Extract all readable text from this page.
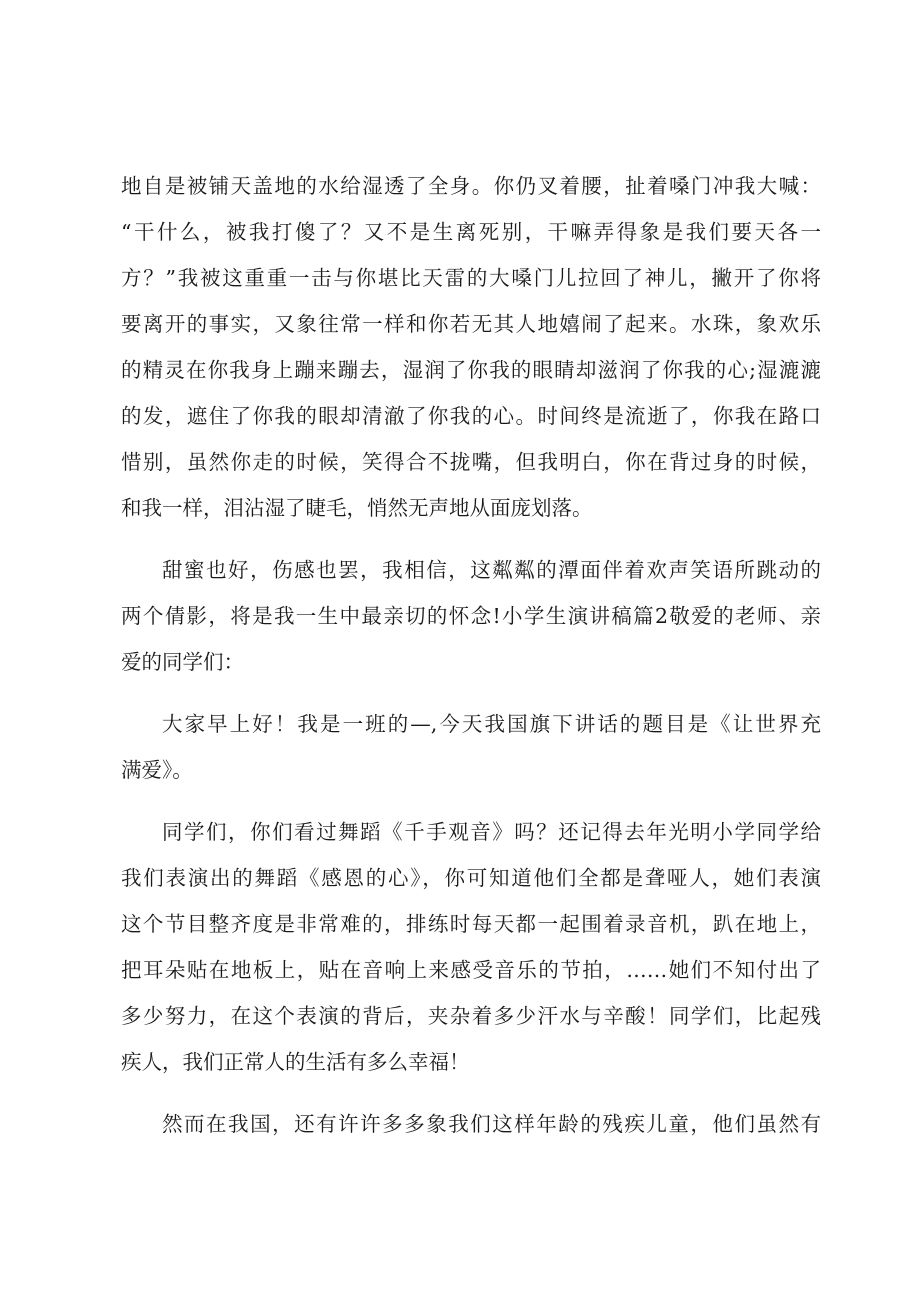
地自是被铺天盖地的水给湿透了全身。你仍叉着腰，扯着嗓门冲我大喊：
“干什么，被我打傻了？又不是生离死别，干嘛弄得象是我们要天各一
方？”我被这重重一击与你堪比天雷的大嗓门儿拉回了神儿，撇开了你将
要离开的事实，又象往常一样和你若无其人地嬉闹了起来。水珠，象欢乐
的精灵在你我身上蹦来蹦去，湿润了你我的眼睛却滋润了你我的心;湿漉漉
的发，遮住了你我的眼却清澈了你我的心。时间终是流逝了，你我在路口
惜别，虽然你走的时候，笑得合不拢嘴，但我明白，你在背过身的时候，
和我一样，泪沾湿了睫毛，悄然无声地从面庞划落。
甜蜜也好，伤感也罢，我相信，这粼粼的潭面伴着欢声笑语所跳动的
两个倩影，将是我一生中最亲切的怀念!小学生演讲稿篇2敬爱的老师、亲
爱的同学们：
大家早上好！我是一班的—,今天我国旗下讲话的题目是《让世界充
满爱》。
同学们，你们看过舞蹈《千手观音》吗？还记得去年光明小学同学给
我们表演出的舞蹈《感恩的心》，你可知道他们全都是聋哑人，她们表演
这个节目整齐度是非常难的，排练时每天都一起围着录音机，趴在地上，
把耳朵贴在地板上，贴在音响上来感受音乐的节拍，……她们不知付出了
多少努力，在这个表演的背后，夹杂着多少汗水与辛酸！同学们，比起残
疾人，我们正常人的生活有多么幸福！
然而在我国，还有许许多多象我们这样年龄的残疾儿童，他们虽然有
